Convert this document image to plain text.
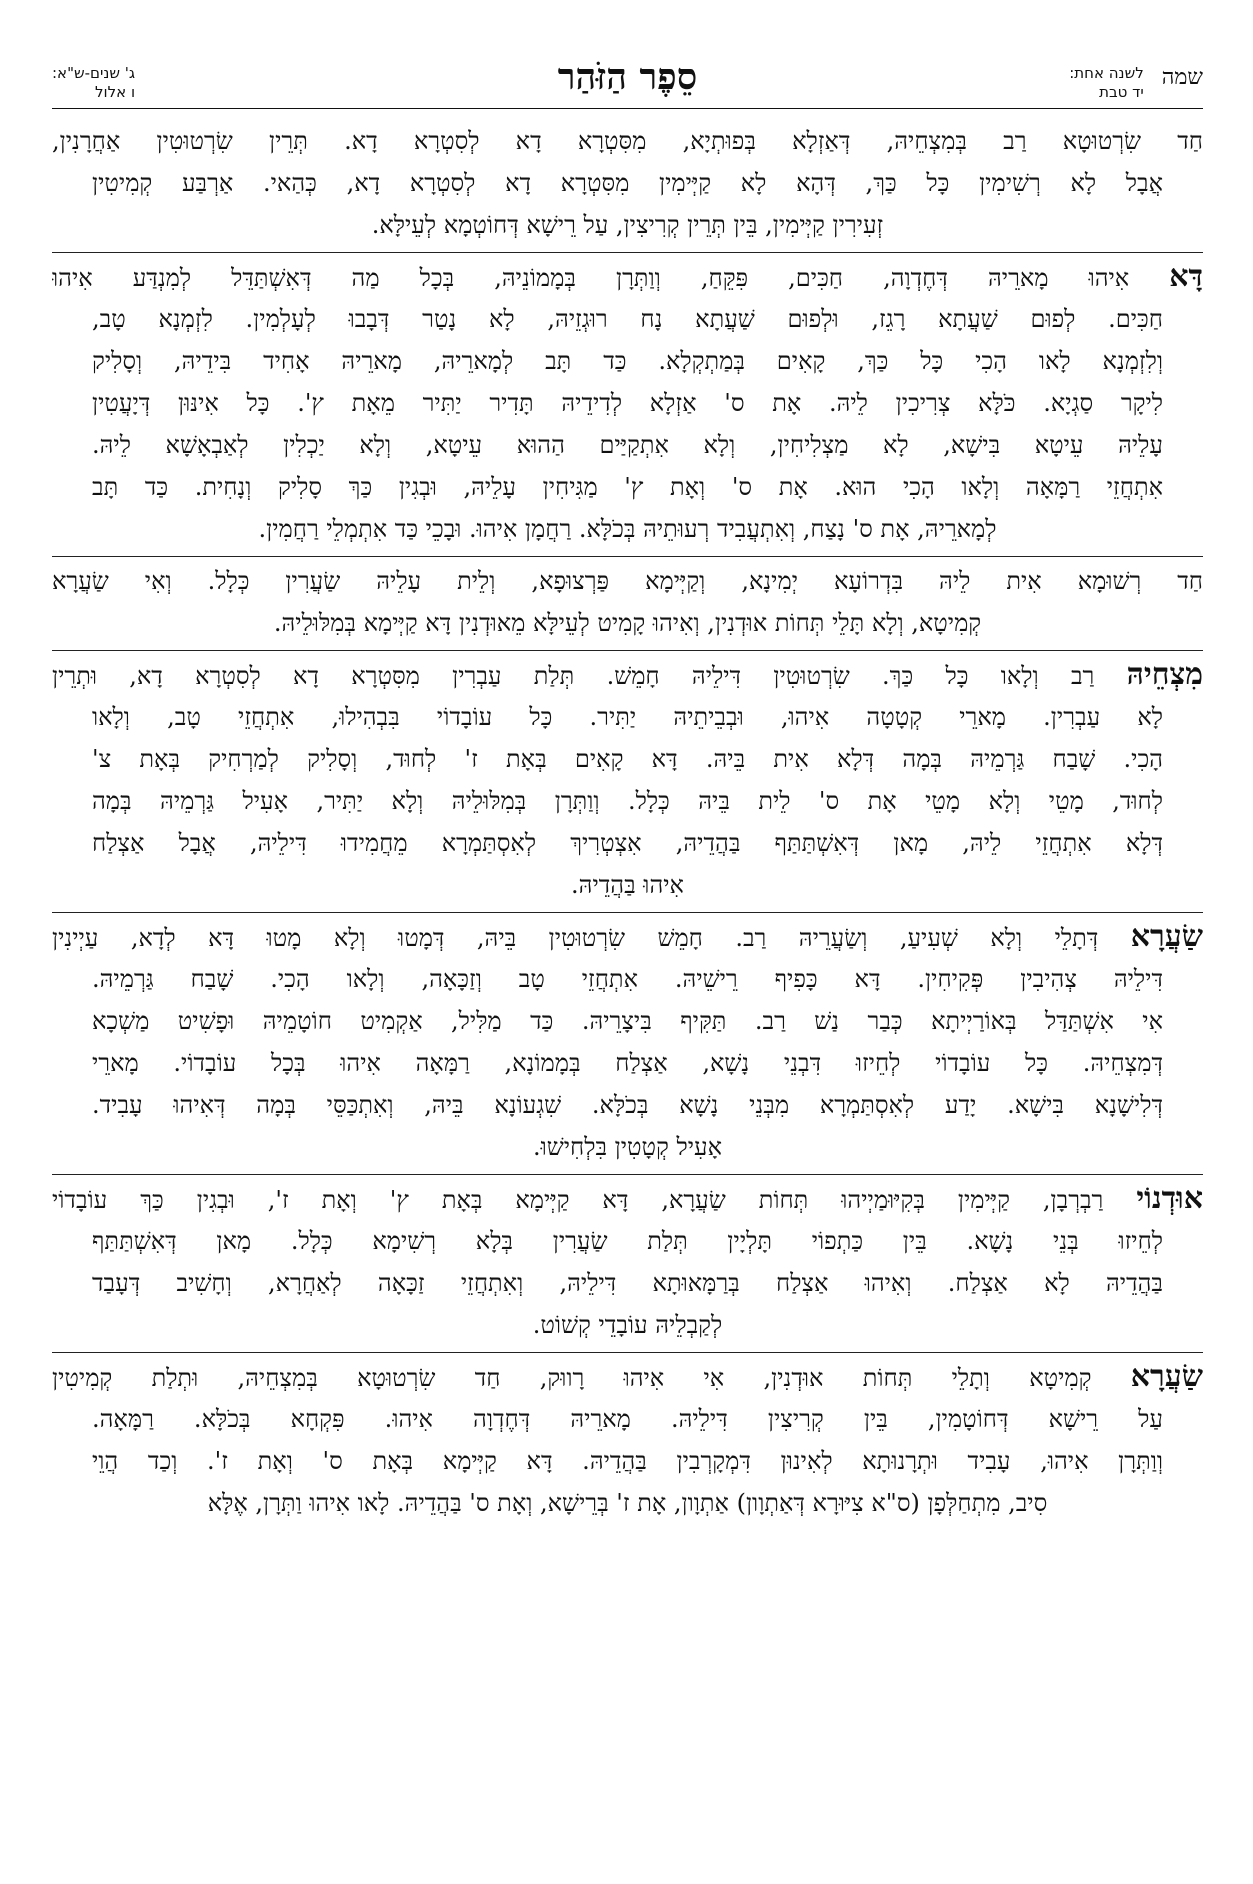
שמה
לשנה אחת:
יד טבת
סֵפֶר הַזֹּהַר
ג' שנים-ש"א:
ו אלול
חַד שִׂרְטוּטָא רַב בְּמִצְחֵיהּ, דְּאַזְלָא בְּפוּתְיָא, מִסִּטְרָא דָא לְסִטְרָא דָא. תְּרֵין שִׂרְטוּטִין אַחֲרָנִין,
אֲבָל לָא רְשִׁימִין כָּל כַּךְ, דְּהָא לָא קַיְּימִין מִסִּטְרָא דָא לְסִטְרָא דָא, כְּהַאי. אַרְבַּע קְמִיטִין
זְעִירִין קַיְּימִין, בֵּין תְּרֵין קְרִיצִין, עַל רֵישָׁא דְּחוֹטְמָא לְעֵילָּא.
דָּא אִיהוּ מָארֵיהּ דְּחֶדְוָה, חַכִּים, פִּקֵּחַ, וְוַתְּרָן בְּמָמוֹנֵיהּ, בְּכָל מַה דְּאִשְׁתַּדֵּל לְמִנְדַּע אִיהוּ
חַכִּים. לְפוּם שַׁעֲתָא רָגֵז, וּלְפוּם שַׁעֲתָא נָח רוּגְזֵיהּ, לָא נָטַר דְּבָבוּ לְעָלְמִין. לִזְמְנָא טָב,
וְלִזְמְנָא לָאו הָכִי כָּל כַּךְ, קָאִים בְּמַתְקְלָא. כַּד תָּב לְמָארֵיהּ, מָארֵיהּ אָחִיד בִּידֵיהּ, וְסָלִיק
לִיקָר סַגְיָא. כֹּלָּא צְרִיכִין לֵיהּ. אָת ס' אַזְלָא לְדִידֵיהּ תָּדִיר יַתִּיר מֵאָת ץ'. כָּל אִינּוּן דְּיָעֲטִין
עָלֵיהּ עֵיטָא בִּישָׁא, לָא מַצְלִיחִין, וְלָא אִתְקַיַּים הַהוּא עֵיטָא, וְלָא יַכְלִין לְאַבְאָשָׁא לֵיהּ.
אִתְחֲזֵי רַמָּאָה וְלָאו הָכִי הוּא. אָת ס' וְאָת ץ' מַגִּיחִין עָלֵיהּ, וּבְגִין כַּךְ סָלִיק וְנָחִית. כַּד תָּב
לְמָארֵיהּ, אָת ס' נָצַח, וְאִתְעֲבִיד רְעוּתֵיהּ בְּכֹלָּא. רַחֲמָן אִיהוּ. וּבָכֵי כַּד אִתְמְלֵי רַחֲמִין.
חַד רְשׁוּמָא אִית לֵיהּ בִּדְרוֹעָא יְמִינָא, וְקַיְּימָא פַּרְצוּפָא, וְלֵית עָלֵיהּ שַׂעֲרִין כְּלָל. וְאִי שַׂעֲרָא
קְמִיטָא, וְלָא תָּלֵי תְּחוֹת אוּדְנִין, וְאִיהוּ קָמִיט לְעֵילָּא מֵאוּדְנִין דָּא קַיְּימָא בְּמִלּוּלֵיהּ.
מִצְחֵיהּ רַב וְלָאו כָּל כַּךְ. שִׂרְטוּטִין דִּילֵיהּ חָמֵשׁ. תְּלַת עַבְרִין מִסִּטְרָא דָא לְסִטְרָא דָא, וּתְרֵין
לָא עַבְרִין. מָארֵי קְטָטָה אִיהוּ, וּבְבֵיתֵיהּ יַתִּיר. כָּל עוֹבָדוֹי בִּבְהִילוּ, אִתְחֲזֵי טָב, וְלָאו
הָכִי. שָׁבַח גַּרְמֵיהּ בְּמָה דְּלָא אִית בֵּיהּ. דָּא קָאִים בְּאָת ז' לְחוּד, וְסָלִיק לְמַרְחִיק בְּאָת צ'
לְחוּד, מָטֵי וְלָא מָטֵי אָת ס' לֵית בֵּיהּ כְּלָל. וְוַתְּרָן בְּמִלּוּלֵיהּ וְלָא יַתִּיר, אָעִיל גַּרְמֵיהּ בְּמָה
דְּלָא אִתְחֲזֵי לֵיהּ, מָאן דְּאִשְׁתַּתַּף בַּהֲדֵיהּ, אִצְטְרִיךְ לְאִסְתַּמְרָא מֵחֲמִידוּ דִּילֵיהּ, אֲבָל אַצְלַח
אִיהוּ בַּהֲדֵיהּ.
שַׂעֲרָא דְּתָלֵי וְלָא שְׁעִיעַ, וְשַׂעֲרֵיהּ רַב. חָמֵשׁ שִׂרְטוּטִין בֵּיהּ, דְּמָטוּ וְלָא מָטוּ דָּא לְדָא, עַיְינִין
דִּילֵיהּ צְהִיבִין פְּקִיחִין. דָּא כָּפִיף רֵישֵׁיהּ. אִתְחֲזֵי טָב וְזַכָּאָה, וְלָאו הָכִי. שָׁבַח גַּרְמֵיהּ.
אִי אִשְׁתַּדַּל בְּאוֹרַיְיתָא כְּבַר נַשׁ רַב. תַּקִּיף בִּיצָרֵיהּ. כַּד מַלִּיל, אַקְמִיט חוֹטָמֵיהּ וּפָשִׁיט מַשְׁכָא
דְּמִצְחֵיהּ. כָּל עוֹבָדוֹי לְחֵיזוּ דִּבְנֵי נָשָׁא, אַצְלַח בְּמָמוֹנָא, רַמָּאָה אִיהוּ בְּכָל עוֹבָדוֹי. מָארֵי
דְּלִישָׁנָא בִּישָׁא. יָדַע לְאִסְתַּמְרָא מִבְּנֵי נָשָׁא בְּכֹלָּא. שִׁגְעוֹנָא בֵּיהּ, וְאִתְכַּסֵּי בְּמָה דְּאִיהוּ עָבִיד.
אָעִיל קְטָטִין בִּלְחִישׁוּ.
אוּדְנוֹי רַבְרְבָן, קַיְּימִין בְּקִיּוּמַיְיהוּ תְּחוֹת שַׂעֲרָא, דָּא קַיְּימָא בְּאָת ץ' וְאָת ז', וּבְגִין כַּךְ עוֹבָדוֹי
לְחֵיזוּ בְּנֵי נָשָׁא. בֵּין כַּתְפוֹי תָּלְיָין תְּלַת שַׂעֲרִין בְּלָא רְשִׁימָא כְּלָל. מָאן דְּאִשְׁתַּתַּף
בַּהֲדֵיהּ לָא אַצְלַח. וְאִיהוּ אַצְלַח בְּרַמָּאוּתָא דִּילֵיהּ, וְאִתְחֲזֵי זַכָּאָה לְאַחֲרָא, וְחָשִׁיב דְּעָבַד
לְקַבְלֵיהּ עוֹבָדֵי קְשׁוֹט.
שַׂעֲרָא קְמִיטָא וְתָלֵי תְּחוֹת אוּדְנִין, אִי אִיהוּ רָווּק, חַד שִׂרְטוּטָא בְּמִצְחֵיהּ, וּתְלַת קְמִיטִין
עַל רֵישָׁא דְּחוֹטָמִין, בֵּין קְרִיצִין דִּילֵיהּ. מָארֵיהּ דְּחֶדְוָה אִיהוּ. פִּקְחָא בְּכֹלָּא. רַמָּאָה.
וְוַתְּרָן אִיהוּ, עָבִיד וּתְרָנוּתָא לְאִינוּן דִּמְקָרְבִין בַּהֲדֵיהּ. דָּא קַיְּימָא בְּאָת ס' וְאָת ז'. וְכַד הֲוֵי
סִיב, מִתְחַלְּפָן (ס"א צִיּוּרָא דְּאַתְוָון) אַתְוָון, אָת ז' בְּרֵישָׁא, וְאָת ס' בַּהֲדֵיהּ. לָאו אִיהוּ וַתְּרָן, אֶלָּא
